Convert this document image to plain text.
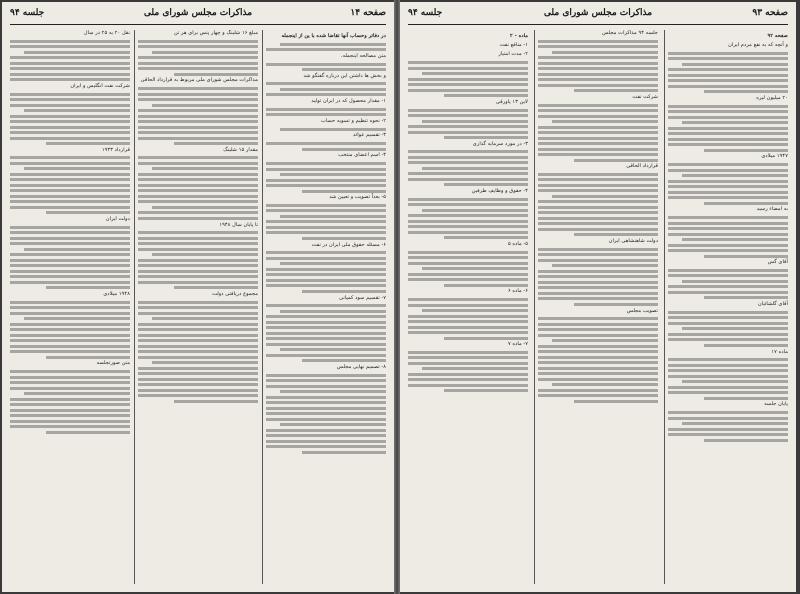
صفحه ۱۴
مذاکرات مجلس شورای ملی
جلسه ۹۴

در دفاتر وحساب آنها تقاضا شده با ین از اینجمله

متن مصالحه اینجمله.

و بخش ها داشتن این درباره گفتگو شد

۱- مقدار محصول که در ایران تولید

۲- نحوه تنظیم و تسویه حساب

۳- تقسیم عوائد

۴- اسم اعضای منتخب

۵- بعداً تصویب و تعیین شد

۶- مسئله حقوق ملی ایران در نفت

۷- تقسیم سود کمپانی

۸- تصمیم نهایی مجلس

مبلغ ۱۶ شلینگ و چهار پنس برای هر تن

مذاکرات مجلس شورای ملی مربوط به قرارداد الحاقی

مقدار ۱۵ شلینگ

تا پایان سال ۱۹۴۸

مجموع دریافتی دولت

نقل ۲۰ به ۲۵ در سال

شرکت نفت انگلیس و ایران

قرارداد ۱۹۳۳

دولت ایران

۱۹۴۸ میلادی

متن صورتجلسه

صفحه ۹۳
مذاکرات مجلس شورای ملی
جلسه ۹۴

صفحه ۹۲

و آنچه که به نفع مردم ایران

۲۰ میلیون لیره

۱۹۴۷ میلادی

به امضاء رسید

آقای گس

آقای گلشائیان

ماده ۱۷

پایان جلسه

جلسه ۹۴ مذاکرات مجلس

شرکت نفت

قرارداد الحاقی

دولت شاهنشاهی ایران

تصویب مجلس

ماده - ۲

۱- منافع نفت

۲- مدت امتیاز

لاین ۱۳ پاورقی

۳- در مورد سرمایه گذاری

۴- حقوق و وظایف طرفین

۵- ماده ۵

۶- ماده ۶

۷- ماده ۷
